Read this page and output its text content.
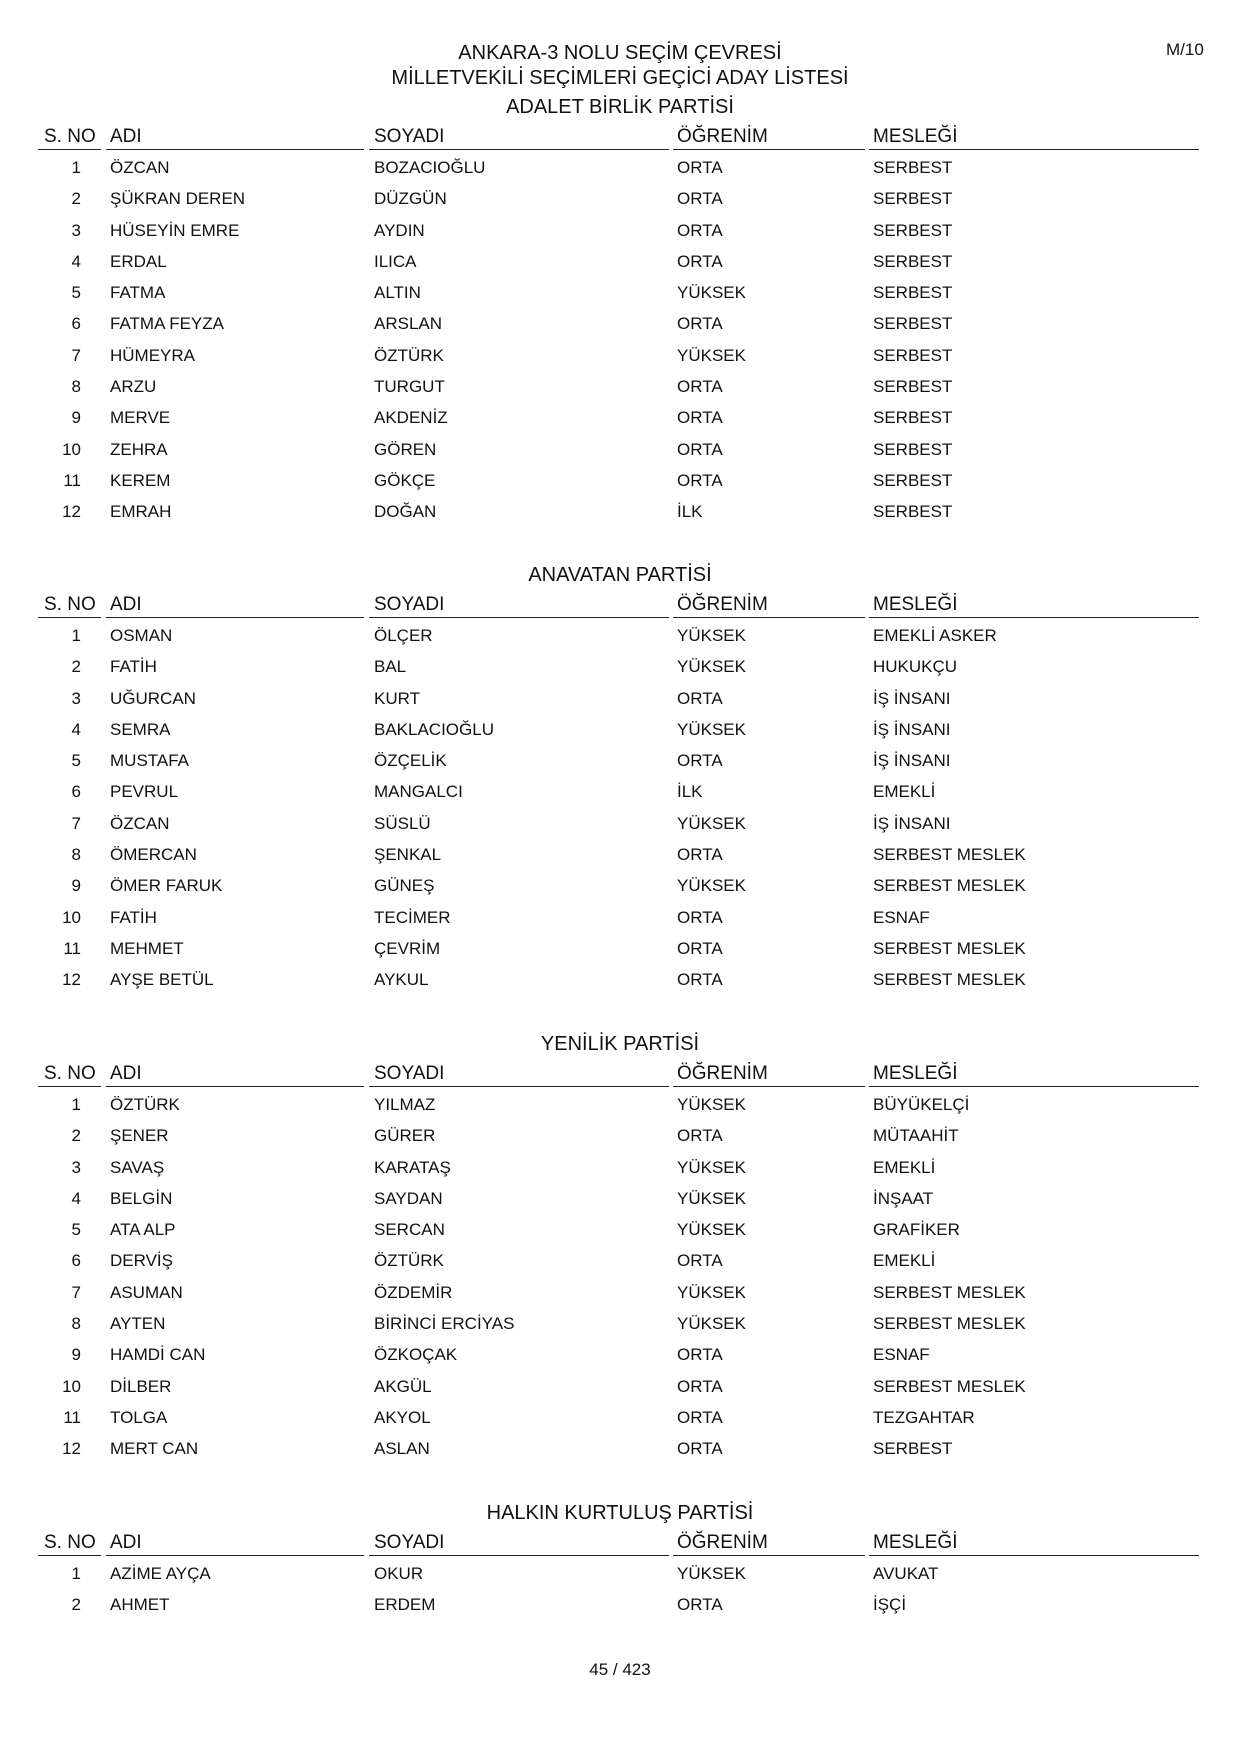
M/10
ANKARA-3 NOLU SEÇİM ÇEVRESİ
MİLLETVEKİLİ SEÇİMLERİ GEÇİCİ ADAY LİSTESİ
ADALET BİRLİK PARTİSİ
S. NO ADI	SOYADI	ÖĞRENİM	MESLEĞİ
1 ÖZCAN	BOZACIOĞLU	ORTA	SERBEST
2 ŞÜKRAN DEREN	DÜZGÜN	ORTA	SERBEST
3 HÜSEYİN EMRE	AYDIN	ORTA	SERBEST
4 ERDAL	ILICA	ORTA	SERBEST
5 FATMA	ALTIN	YÜKSEK	SERBEST
6 FATMA FEYZA	ARSLAN	ORTA	SERBEST
7 HÜMEYRA	ÖZTÜRK	YÜKSEK	SERBEST
8 ARZU	TURGUT	ORTA	SERBEST
9 MERVE	AKDENİZ	ORTA	SERBEST
10 ZEHRA	GÖREN	ORTA	SERBEST
11 KEREM	GÖKÇE	ORTA	SERBEST
12 EMRAH	DOĞAN	İLK	SERBEST
ANAVATAN PARTİSİ
S. NO ADI	SOYADI	ÖĞRENİM	MESLEĞİ
1 OSMAN	ÖLÇER	YÜKSEK	EMEKLİ ASKER
2 FATİH	BAL	YÜKSEK	HUKUKÇU
3 UĞURCAN	KURT	ORTA	İŞ İNSANI
4 SEMRA	BAKLACIOĞLU	YÜKSEK	İŞ İNSANI
5 MUSTAFA	ÖZÇELİK	ORTA	İŞ İNSANI
6 PEVRUL	MANGALCI	İLK	EMEKLİ
7 ÖZCAN	SÜSLÜ	YÜKSEK	İŞ İNSANI
8 ÖMERCAN	ŞENKAL	ORTA	SERBEST MESLEK
9 ÖMER FARUK	GÜNEŞ	YÜKSEK	SERBEST MESLEK
10 FATİH	TECİMER	ORTA	ESNAF
11 MEHMET	ÇEVRİM	ORTA	SERBEST MESLEK
12 AYŞE BETÜL	AYKUL	ORTA	SERBEST MESLEK
YENİLİK PARTİSİ
S. NO ADI	SOYADI	ÖĞRENİM	MESLEĞİ
1 ÖZTÜRK	YILMAZ	YÜKSEK	BÜYÜKELÇİ
2 ŞENER	GÜRER	ORTA	MÜTAAHİT
3 SAVAŞ	KARATAŞ	YÜKSEK	EMEKLİ
4 BELGİN	SAYDAN	YÜKSEK	İNŞAAT
5 ATA ALP	SERCAN	YÜKSEK	GRAFİKER
6 DERVİŞ	ÖZTÜRK	ORTA	EMEKLİ
7 ASUMAN	ÖZDEMİR	YÜKSEK	SERBEST MESLEK
8 AYTEN	BİRİNCİ ERCİYAS	YÜKSEK	SERBEST MESLEK
9 HAMDİ CAN	ÖZKOÇAK	ORTA	ESNAF
10 DİLBER	AKGÜL	ORTA	SERBEST MESLEK
11 TOLGA	AKYOL	ORTA	TEZGAHTAR
12 MERT CAN	ASLAN	ORTA	SERBEST
HALKIN KURTULUŞ PARTİSİ
S. NO ADI	SOYADI	ÖĞRENİM	MESLEĞİ
1 AZİME AYÇA	OKUR	YÜKSEK	AVUKAT
2 AHMET	ERDEM	ORTA	İŞÇİ
45 / 423
